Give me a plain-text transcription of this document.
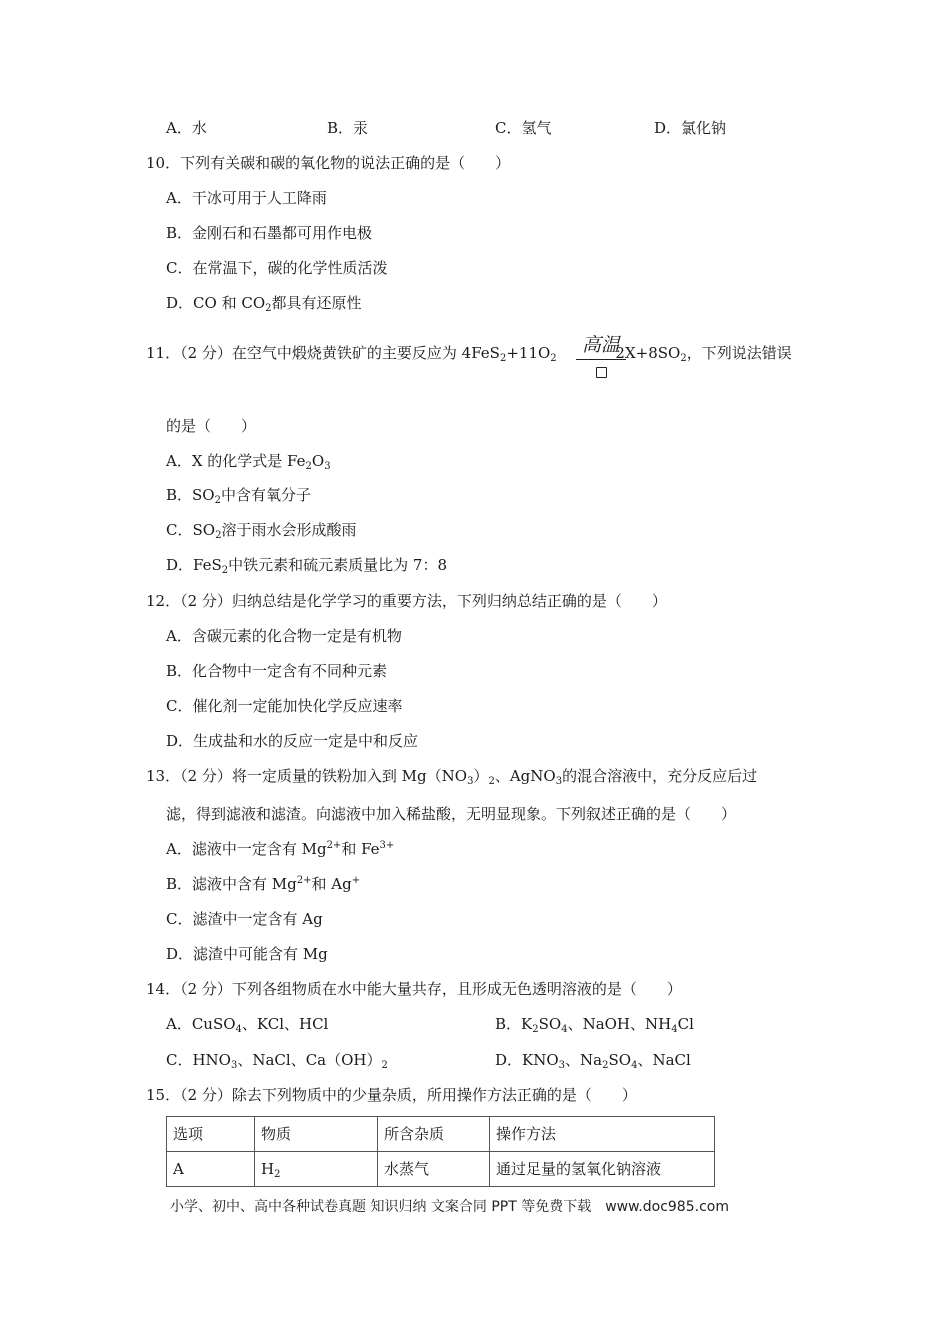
A．水	B．汞	C．氢气	D．氯化钠
10．下列有关碳和碳的氧化物的说法正确的是（　　）
A．干冰可用于人工降雨
B．金刚石和石墨都可用作电极
C．在常温下，碳的化学性质活泼
D．CO 和 $CO_2$都具有还原性
11．（2 分）在空气中煅烧黄铁矿的主要反应为 $4FeS_2+11O_2$	$2X+8SO_2$，下列说法错误
高温
的是（　　）
A．X 的化学式是 $Fe_2O_3$
B．$SO_2$中含有氧分子
C．$SO_2$溶于雨水会形成酸雨
D．FeS$_2$中铁元素和硫元素质量比为 7：8
12．（2 分）归纳总结是化学学习的重要方法，下列归纳总结正确的是（　　）
A．含碳元素的化合物一定是有机物
B．化合物中一定含有不同种元素
C．催化剂一定能加快化学反应速率
D．生成盐和水的反应一定是中和反应
13．（2 分）将一定质量的铁粉加入到 $Mg(NO_3)_2$、AgNO$_3$的混合溶液中，充分反应后过
滤，得到滤液和滤渣。向滤液中加入稀盐酸，无明显现象。下列叙述正确的是（　　）
A．滤液中一定含有 $Mg^{2+}$和 $Fe^{3+}$
B．滤液中含有 $Mg^{2+}$和 Ag+
C．滤渣中一定含有 Ag
D．滤渣中可能含有 Mg
14．（2 分）下列各组物质在水中能大量共存，且形成无色透明溶液的是（　　）
A．CuSO$_4$、KCl、HCl	B．$K_2SO_4$、NaOH、$NH_4Cl$
C．$HNO_3$、NaCl、$Ca(OH)_2$	D．$KNO_3$、$Na_2SO_4$、NaCl
15．（2 分）除去下列物质中的少量杂质，所用操作方法正确的是（　　）
选项	物质	所含杂质	操作方法
A	$H_2$	水蒸气	通过足量的氢氧化钠溶液
小学、初中、高中各种试卷真题 知识归纳 文案合同 PPT 等免费下载　www.doc985.com
